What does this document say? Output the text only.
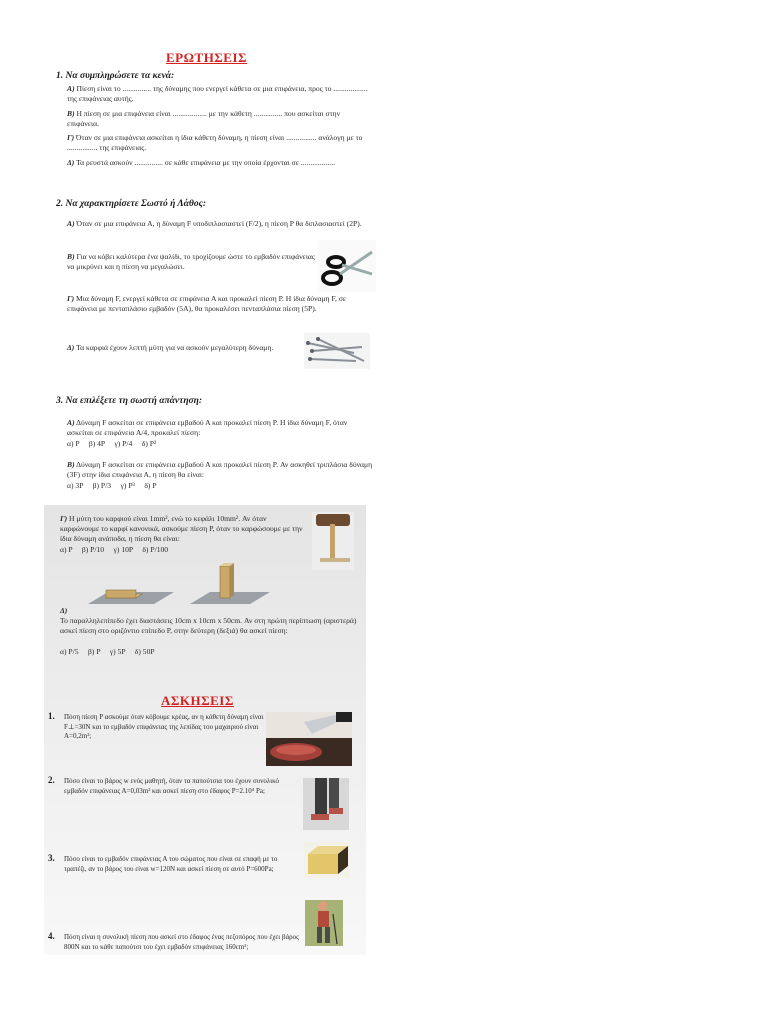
ΕΡΩΤΗΣΕΙΣ
1. Να συμπληρώσετε τα κενά:
Α) Πίεση είναι το ............... της δύναμης που ενεργεί κάθετα σε μια επιφάνεια, προς το .................. της επιφάνειας αυτής.
Β) Η πίεση σε μια επιφάνεια είναι .................. με την κάθετη ............... που ασκείται στην επιφάνεια.
Γ) Όταν σε μια επιφάνεια ασκείται η ίδια κάθετη δύναμη, η πίεση είναι ................ ανάλογη με το ................ της επιφάνειας.
Δ) Τα ρευστά ασκούν ............... σε κάθε επιφάνεια με την οποία έρχονται σε ..................
2. Να χαρακτηρίσετε Σωστό ή Λάθος:
Α) Όταν σε μια επιφάνεια Α, η δύναμη F υποδιπλασιαστεί (F/2), η πίεση P θα διπλασιαστεί (2P).
Β) Για να κόβει καλύτερα ένα ψαλίδι, το τροχίζουμε ώστε το εμβαδόν επιφάνειας να μικρύνει και η πίεση να μεγαλώσει.
Γ) Μια δύναμη F, ενεργεί κάθετα σε επιφάνεια Α και προκαλεί πίεση P. Η ίδια δύναμη F, σε επιφάνεια με πενταπλάσιο εμβαδόν (5Α), θα προκαλέσει πενταπλάσια πίεση (5P).
Δ) Τα καρφιά έχουν λεπτή μύτη για να ασκούν μεγαλύτερη δύναμη.
3. Να επιλέξετε τη σωστή απάντηση:
Α) Δύναμη F ασκείται σε επιφάνεια εμβαδού Α και προκαλεί πίεση P. Η ίδια δύναμη F, όταν ασκείται σε επιφάνεια Α/4, προκαλεί πίεση:
α) P     β) 4P     γ) P/4     δ) P²
Β) Δύναμη F ασκείται σε επιφάνεια εμβαδού Α και προκαλεί πίεση P. Αν ασκηθεί τριπλάσια δύναμη (3F) στην ίδια επιφάνεια Α, η πίεση θα είναι:
α) 3P     β) P/3     γ) P³     δ) P
Γ) Η μύτη του καρφιού είναι 1mm², ενώ το κεφάλι 10mm². Αν όταν καρφώνουμε το καρφί κανονικά, ασκούμε πίεση P, όταν το καρφώσουμε με την ίδια δύναμη ανάποδα, η πίεση θα είναι:
α) P     β) P/10     γ) 10P     δ) P/100
Δ)
Το παραλληλεπίπεδο έχει διαστάσεις 10cm x 10cm x 50cm. Αν στη πρώτη περίπτωση (αριστερά) ασκεί πίεση στο οριζόντιο επίπεδο P, στην δεύτερη (δεξιά) θα ασκεί πίεση:
α) P/5     β) P     γ) 5P     δ) 50P
ΑΣΚΗΣΕΙΣ
1. Πόση πίεση P ασκούμε όταν κόβουμε κρέας, αν η κάθετη δύναμη είναι F⊥=30N και το εμβαδόν επιφάνειας της λεπίδας του μαχαιριού είναι Α=0,2m²;
2. Πόσο είναι το βάρος w ενός μαθητή, όταν τα παπούτσια του έχουν συνολικό εμβαδόν επιφάνειας Α=0,03m² και ασκεί πίεση στο έδαφος P=2.10⁴ Pa;
3. Πόσο είναι το εμβαδόν επιφάνειας Α του σώματος που είναι σε επαφή με το τραπέζι, αν το βάρος του είναι w=120N και ασκεί πίεση σε αυτό P=600Pa;
4. Πόση είναι η συνολική πίεση που ασκεί στο έδαφος ένας πεζοπόρος που έχει βάρος 800N και το κάθε παπούτσι του έχει εμβαδόν επιφάνειας 160cm²;
